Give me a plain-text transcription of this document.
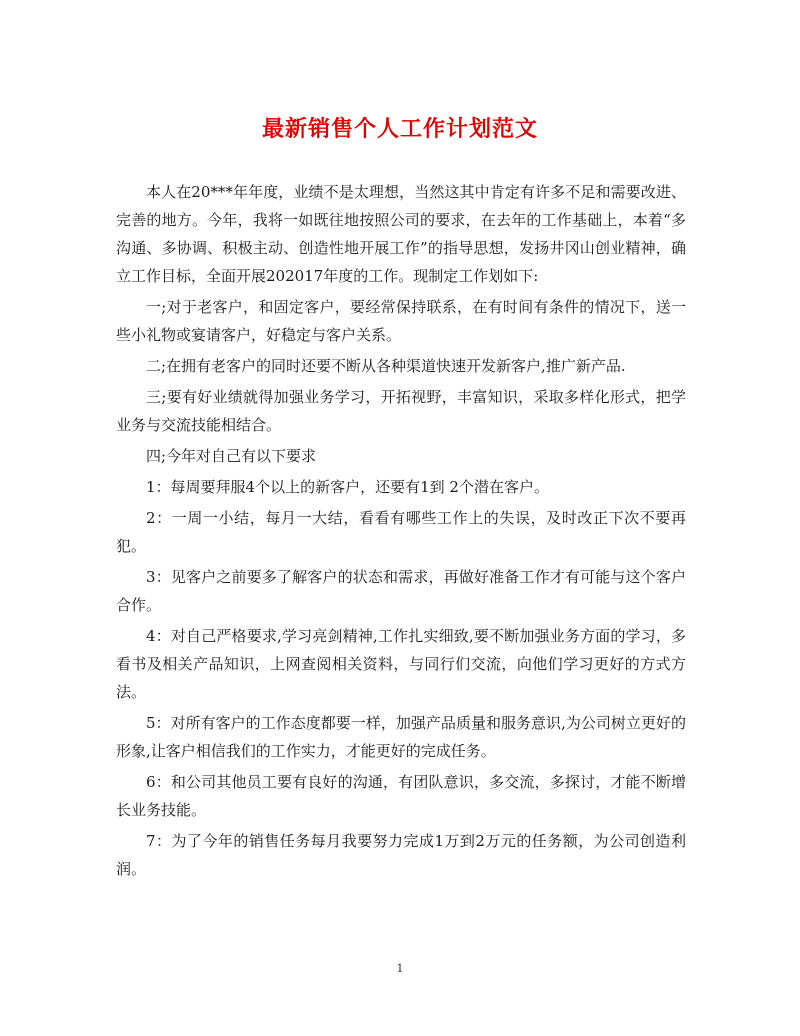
最新销售个人工作计划范文

本人在20***年年度，业绩不是太理想，当然这其中肯定有许多不足和需要改进、完善的地方。今年，我将一如既往地按照公司的要求，在去年的工作基础上，本着“多沟通、多协调、积极主动、创造性地开展工作”的指导思想，发扬井冈山创业精神，确立工作目标，全面开展202017年度的工作。现制定工作划如下:

一;对于老客户，和固定客户，要经常保持联系，在有时间有条件的情况下，送一些小礼物或宴请客户，好稳定与客户关系。

二;在拥有老客户的同时还要不断从各种渠道快速开发新客户,推广新产品.

三;要有好业绩就得加强业务学习，开拓视野，丰富知识，采取多样化形式，把学业务与交流技能相结合。

四;今年对自己有以下要求

1：每周要拜服4个以上的新客户，还要有1到 2个潜在客户。

2：一周一小结，每月一大结，看看有哪些工作上的失误，及时改正下次不要再犯。

3：见客户之前要多了解客户的状态和需求，再做好准备工作才有可能与这个客户合作。

4：对自己严格要求,学习亮剑精神,工作扎实细致,要不断加强业务方面的学习，多看书及相关产品知识，上网查阅相关资料，与同行们交流，向他们学习更好的方式方法。

5：对所有客户的工作态度都要一样，加强产品质量和服务意识,为公司树立更好的形象,让客户相信我们的工作实力，才能更好的完成任务。

6：和公司其他员工要有良好的沟通，有团队意识，多交流，多探讨，才能不断增长业务技能。

7：为了今年的销售任务每月我要努力完成1万到2万元的任务额，为公司创造利润。

1
